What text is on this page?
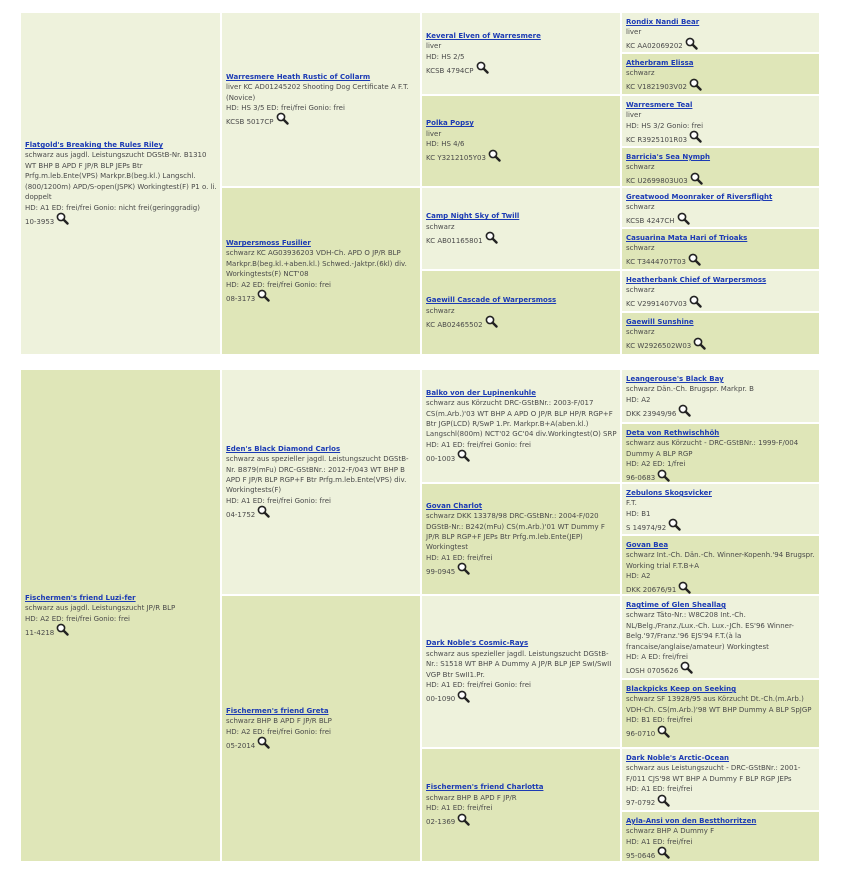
Flatgold's Breaking the Rules Riley
schwarz aus jagdl. Leistungszucht DGStB-Nr. B1310 WT BHP B APD F JP/R BLP JEPs Btr Prfg.m.leb.Ente(VPS) Markpr.B(beg.kl.) Langschl.(800/1200m) APD/S-open(JSPK) Workingtest(F) P1 o. li. doppelt
HD: A1 ED: frei/frei Gonio: nicht frei(geringgradig)
10-3953
Warresmere Heath Rustic of Collarm
liver KC AD01245202 Shooting Dog Certificate A F.T.(Novice)
HD: HS 3/5 ED: frei/frei Gonio: frei
KCSB 5017CP
Warpersmoss Fusilier
schwarz KC AG03936203 VDH-Ch. APD O JP/R BLP Markpr.B(beg.kl.+aben.kl.) Schwed.-Jaktpr.(6kl) div. Workingtests(F) NCT'08
HD: A2 ED: frei/frei Gonio: frei
08-3173
Keveral Elven of Warresmere
liver
HD: HS 2/5
KCSB 4794CP
Polka Popsy
liver
HD: HS 4/6
KC Y3212105Y03
Camp Night Sky of Twill
schwarz
KC AB01165801
Gaewill Cascade of Warpersmoss
schwarz
KC AB02465502
Rondix Nandi Bear
liver
KC AA02069202
Atherbram Elissa
schwarz
KC V1821903V02
Warresmere Teal
liver
HD: HS 3/2 Gonio: frei
KC R3925101R03
Barricia's Sea Nymph
schwarz
KC U2699803U03
Greatwood Moonraker of Riversflight
schwarz
KCSB 4247CH
Casuarina Mata Hari of Trioaks
schwarz
KC T3444707T03
Heatherbank Chief of Warpersmoss
schwarz
KC V2991407V03
Gaewill Sunshine
schwarz
KC W2926502W03
Fischermen's friend Luzi-fer
schwarz aus jagdl. Leistungszucht JP/R BLP
HD: A2 ED: frei/frei Gonio: frei
11-4218
Eden's Black Diamond Carlos
schwarz aus spezieller jagdl. Leistungszucht DGStB-Nr. B879(mFu) DRC-GStBNr.: 2012-F/043 WT BHP B APD F JP/R BLP RGP+F Btr Prfg.m.leb.Ente(VPS) div. Workingtests(F)
HD: A1 ED: frei/frei Gonio: frei
04-1752
Fischermen's friend Greta
schwarz BHP B APD F JP/R BLP
HD: A2 ED: frei/frei Gonio: frei
05-2014
Balko von der Lupinenkuhle
schwarz aus Körzucht DRC-GStBNr.: 2003-F/017 CS(m.Arb.)'03 WT BHP A APD O JP/R BLP HP/R RGP+F Btr JGP(LCD) R/SwP 1.Pr. Markpr.B+A(aben.kl.) Langschl(800m) NCT'02 GC'04 div.Workingtest(O) SRP
HD: A1 ED: frei/frei Gonio: frei
00-1003
Govan Charlot
schwarz DKK 13378/98 DRC-GStBNr.: 2004-F/020 DGStB-Nr.: B242(mFu) CS(m.Arb.)'01 WT Dummy F JP/R BLP RGP+F JEPs Btr Prfg.m.leb.Ente(JEP) Workingtest
HD: A1 ED: frei/frei
99-0945
Dark Noble's Cosmic-Rays
schwarz aus spezieller jagdl. Leistungszucht DGStB-Nr.: S1518 WT BHP A Dummy A JP/R BLP JEP SwI/SwII VGP Btr SwII1.Pr.
HD: A1 ED: frei/frei Gonio: frei
00-1090
Fischermen's friend Charlotta
schwarz BHP B APD F JP/R
HD: A1 ED: frei/frei
02-1369
Leangerouse's Black Bay
schwarz Dän.-Ch. Brugspr. Markpr. B
HD: A2
DKK 23949/96
Deta von Rethwischhöh
schwarz aus Körzucht - DRC-GStBNr.: 1999-F/004 Dummy A BLP RGP
HD: A2 ED: 1/frei
96-0683
Zebulons Skogsvicker
F.T.
HD: B1
S 14974/92
Govan Bea
schwarz Int.-Ch. Dän.-Ch. Winner-Kopenh.'94 Brugspr. Working trial F.T.B+A
HD: A2
DKK 20676/91
Ragtime of Glen Sheallag
schwarz Täto-Nr.: W8C208 Int.-Ch. NL/Belg./Franz./Lux.-Ch. Lux.-JCh. ES'96 Winner-Belg.'97/Franz.'96 EJS'94 F.T.(à la francaise/anglaise/amateur) Workingtest
HD: A ED: frei/frei
LOSH 0705626
Blackpicks Keep on Seeking
schwarz SF 13928/95 aus Körzucht Dt.-Ch.(m.Arb.) VDH-Ch. CS(m.Arb.)'98 WT BHP Dummy A BLP SpJGP
HD: B1 ED: frei/frei
96-0710
Dark Noble's Arctic-Ocean
schwarz aus Leistungszucht - DRC-GStBNr.: 2001-F/011 CJS'98 WT BHP A Dummy F BLP RGP JEPs
HD: A1 ED: frei/frei
97-0792
Ayla-Ansi von den Bestthorritzen
schwarz BHP A Dummy F
HD: A1 ED: frei/frei
95-0646
